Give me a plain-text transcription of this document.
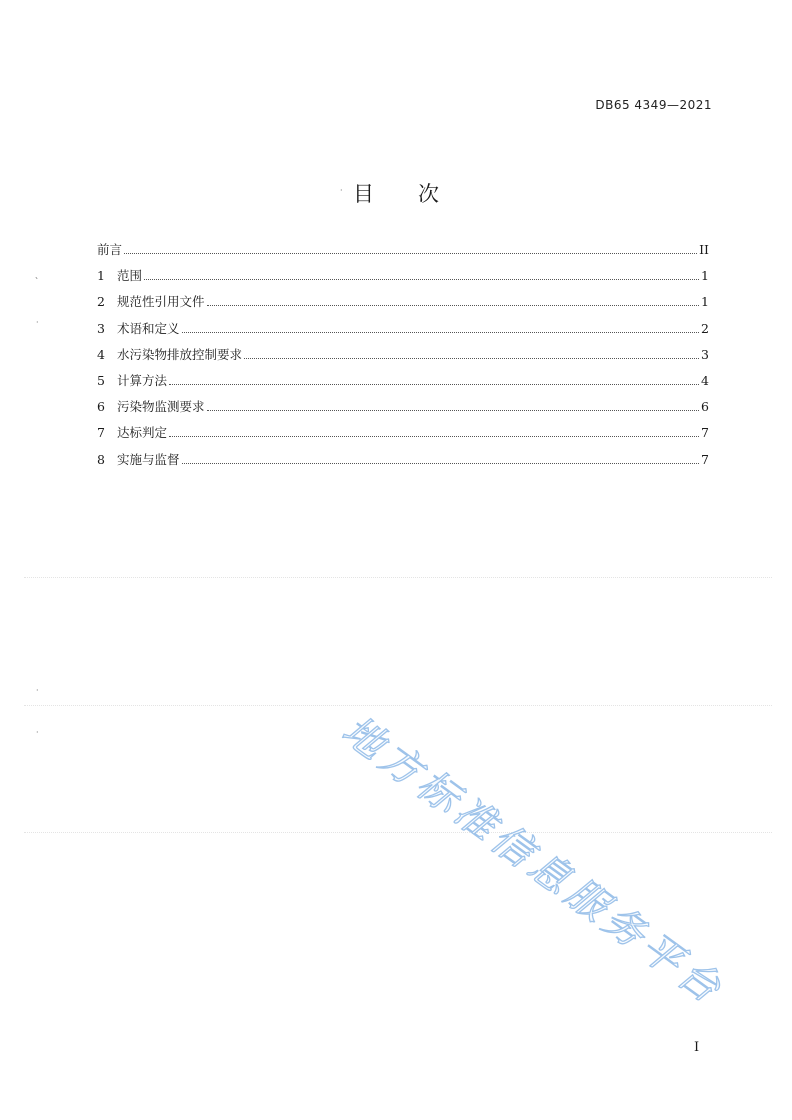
DB65 4349—2021
目 次
前言	II
1 范围	1
2 规范性引用文件	1
3 术语和定义	2
4 水污染物排放控制要求	3
5 计算方法	4
6 污染物监测要求	6
7 达标判定	7
8 实施与监督	7
、
·
·
·
·
地方标准信息服务平台
I
